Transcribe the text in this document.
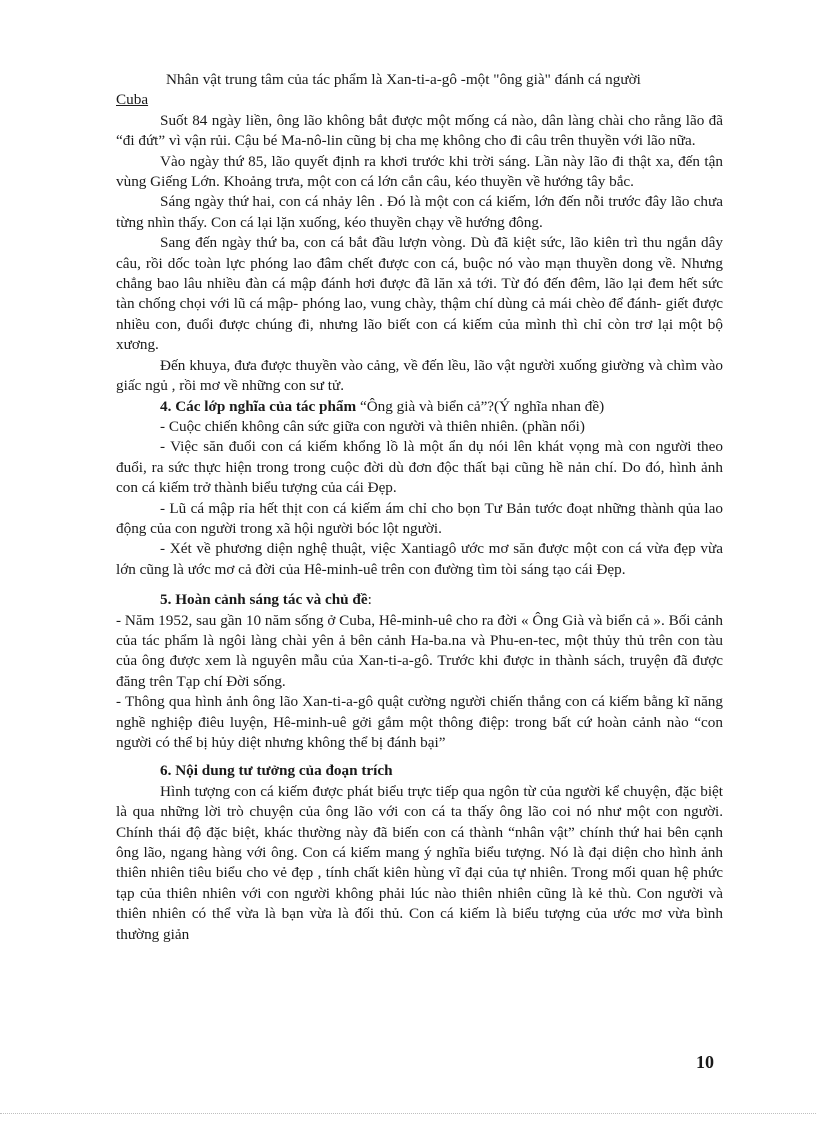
Nhân vật trung tâm của tác phẩm là Xan-ti-a-gô -một "ông già" đánh cá người
Cuba

Suốt 84 ngày liền, ông lão không bắt được một mống cá nào, dân làng chài cho rằng lão đã “đi đứt” vì vận rủi. Cậu bé Ma-nô-lin cũng bị cha mẹ không cho đi câu trên thuyền với lão nữa.

Vào ngày thứ 85, lão quyết định ra khơi trước khi trời sáng. Lần này lão đi thật xa, đến tận vùng Giếng Lớn. Khoảng trưa, một con cá lớn cắn câu, kéo thuyền về hướng tây bắc.

Sáng ngày thứ hai, con cá nhảy lên . Đó là một con cá kiếm, lớn đến nỗi trước đây lão chưa từng nhìn thấy. Con cá lại lặn xuống, kéo thuyền chạy về hướng đông.

Sang đến ngày thứ ba, con cá bắt đầu lượn vòng. Dù đã kiệt sức, lão kiên trì thu ngắn dây câu, rồi dốc toàn lực phóng lao đâm chết được con cá, buộc nó vào mạn thuyền dong về. Nhưng chẳng bao lâu nhiều đàn cá mập đánh hơi được đã lăn xả tới. Từ đó đến đêm, lão lại đem hết sức tàn chống chọi với lũ cá mập- phóng lao, vung chày, thậm chí dùng cả mái chèo để đánh- giết được nhiều con, đuổi được chúng đi, nhưng lão biết con cá kiếm của mình thì chỉ còn trơ lại một bộ xương.

Đến khuya, đưa được thuyền vào cảng, về đến lều, lão vật người xuống giường và chìm vào giấc ngủ , rồi mơ về những con sư tử.

4. Các lớp nghĩa của tác phẩm “Ông già và biển cả”?(Ý nghĩa nhan đề)

- Cuộc chiến không cân sức giữa con người và thiên nhiên. (phần nổi)

- Việc săn đuổi con cá kiếm khổng lồ là một ẩn dụ nói lên khát vọng mà con người theo đuổi, ra sức thực hiện trong trong cuộc đời dù đơn độc thất bại cũng hề nản chí. Do đó, hình ảnh con cá kiếm trở thành biểu tượng của cái Đẹp.

- Lũ cá mập rỉa hết thịt con cá kiếm ám chỉ cho bọn Tư Bản tước đoạt những thành qủa lao động của con người trong xã hội người bóc lột người.

- Xét về phương diện nghệ thuật, việc Xantiagô ước mơ săn được một con cá vừa đẹp vừa lớn cũng là ước mơ cả đời của Hê-minh-uê trên con đường tìm tòi sáng tạo cái Đẹp.

5. Hoàn cảnh sáng tác và chủ đề:

- Năm 1952, sau gần 10 năm sống ở Cuba, Hê-minh-uê cho ra đời « Ông Già và biển cả ». Bối cảnh của tác phẩm là ngôi làng chài yên ả bên cảnh Ha-ba.na và Phu-en-tec, một thủy thủ trên con tàu của ông được xem là nguyên mẫu của Xan-ti-a-gô. Trước khi được in thành sách, truyện đã được đăng trên Tạp chí Đời sống.

- Thông qua hình ảnh ông lão Xan-ti-a-gô quật cường người chiến thắng con cá kiếm bằng kĩ năng nghề nghiệp điêu luyện, Hê-minh-uê gởi gắm một thông điệp: trong bất cứ hoàn cảnh nào “con người có thể bị hủy diệt nhưng không thể bị đánh bại”

6. Nội dung tư tưởng của đoạn trích

Hình tượng con cá kiếm được phát biểu trực tiếp qua ngôn từ của người kể chuyện, đặc biệt là qua những lời trò chuyện của ông lão với con cá ta thấy ông lão coi nó như một con người. Chính thái độ đặc biệt, khác thường này đã biến con cá thành “nhân vật” chính thứ hai bên cạnh ông lão, ngang hàng với ông. Con cá kiếm mang ý nghĩa biểu tượng. Nó là đại diện cho hình ảnh thiên nhiên tiêu biểu cho vẻ đẹp , tính chất kiên hùng vĩ đại của tự nhiên. Trong mối quan hệ phức tạp của thiên nhiên với con người không phải lúc nào thiên nhiên cũng là kẻ thù. Con người và thiên nhiên có thể vừa là bạn vừa là đối thủ. Con cá kiếm là biểu tượng của ước mơ vừa bình thường giản

10
